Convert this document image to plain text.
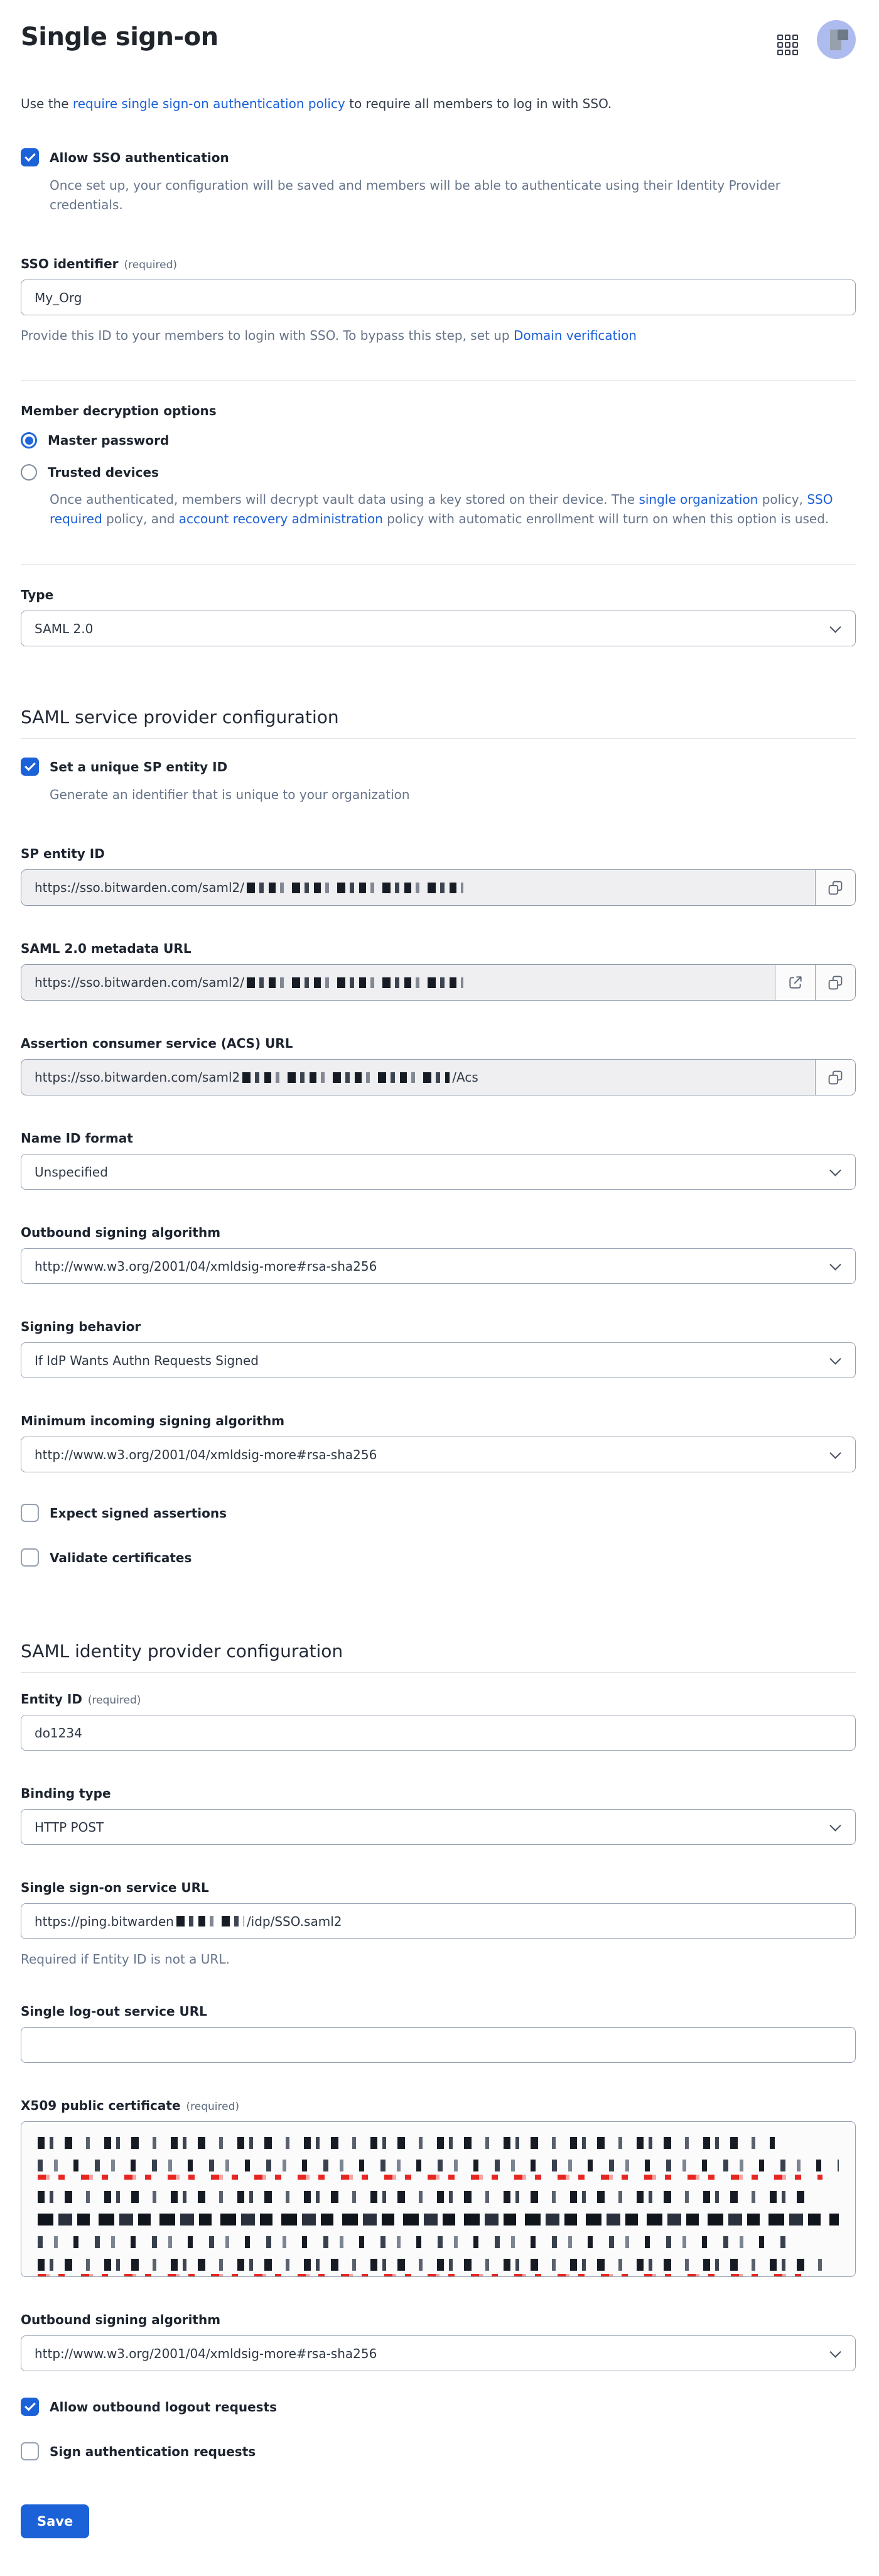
Single sign-on

Use the require single sign-on authentication policy to require all members to log in with SSO.

Allow SSO authentication
Once set up, your configuration will be saved and members will be able to authenticate using their Identity Provider credentials.
SSO identifier (required)
My_Org
Provide this ID to your members to login with SSO. To bypass this step, set up Domain verification
Member decryption options
Master password
Trusted devices
Once authenticated, members will decrypt vault data using a key stored on their device. The single organization policy, SSO required policy, and account recovery administration policy with automatic enrollment will turn on when this option is used.
Type
SAML 2.0
SAML service provider configuration
Set a unique SP entity ID
Generate an identifier that is unique to your organization
SP entity ID
https://sso.bitwarden.com/saml2/
SAML 2.0 metadata URL
https://sso.bitwarden.com/saml2/
Assertion consumer service (ACS) URL
https://sso.bitwarden.com/saml2	/Acs
Name ID format
Unspecified
Outbound signing algorithm
http://www.w3.org/2001/04/xmldsig-more#rsa-sha256
Signing behavior
If IdP Wants Authn Requests Signed
Minimum incoming signing algorithm
http://www.w3.org/2001/04/xmldsig-more#rsa-sha256
Expect signed assertions
Validate certificates
SAML identity provider configuration
Entity ID (required)
do1234
Binding type
HTTP POST
Single sign-on service URL
https://ping.bitwarden	/idp/SSO.saml2
Required if Entity ID is not a URL.
Single log-out service URL
X509 public certificate (required)
Outbound signing algorithm
http://www.w3.org/2001/04/xmldsig-more#rsa-sha256
Allow outbound logout requests
Sign authentication requests
Save
